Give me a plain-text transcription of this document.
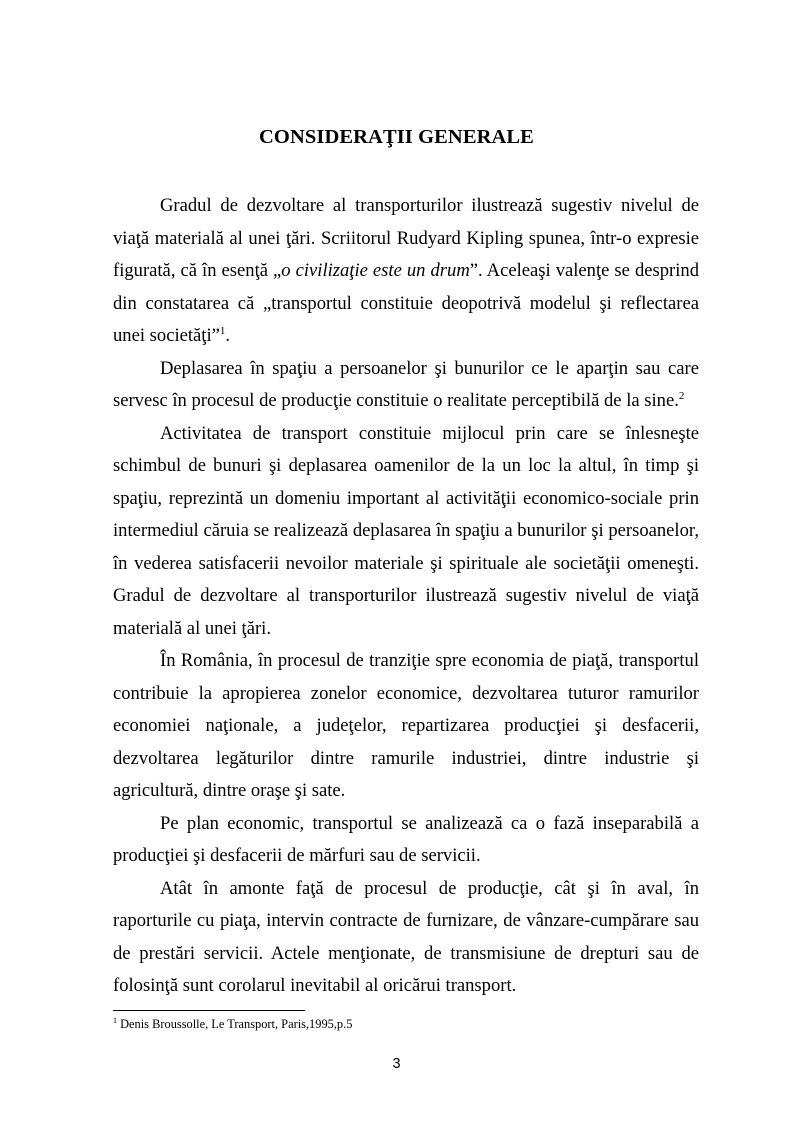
CONSIDERAŢII GENERALE

Gradul de dezvoltare al transporturilor ilustrează sugestiv nivelul de viaţă materială al unei ţări. Scriitorul Rudyard Kipling spunea, într-o expresie figurată, că în esenţă „o civilizaţie este un drum”. Aceleaşi valenţe se desprind din constatarea că „transportul constituie deopotrivă modelul şi reflectarea unei societăţi”$^1$.

Deplasarea în spaţiu a persoanelor şi bunurilor ce le aparţin sau care servesc în procesul de producţie constituie o realitate perceptibilă de la sine.$^2$

Activitatea de transport constituie mijlocul prin care se înlesneşte schimbul de bunuri şi deplasarea oamenilor de la un loc la altul, în timp şi spaţiu, reprezintă un domeniu important al activităţii economico-sociale prin intermediul căruia se realizează deplasarea în spaţiu a bunurilor şi persoanelor, în vederea satisfacerii nevoilor materiale şi spirituale ale societăţii omeneşti. Gradul de dezvoltare al transporturilor ilustrează sugestiv nivelul de viaţă materială al unei ţări.

În România, în procesul de tranziţie spre economia de piaţă, transportul contribuie la apropierea zonelor economice, dezvoltarea tuturor ramurilor economiei naţionale, a judeţelor, repartizarea producţiei şi desfacerii, dezvoltarea legăturilor dintre ramurile industriei, dintre industrie şi agricultură, dintre oraşe şi sate.

Pe plan economic, transportul se analizează ca o fază inseparabilă a producţiei şi desfacerii de mărfuri sau de servicii.

Atât în amonte faţă de procesul de producţie, cât şi în aval, în raporturile cu piaţa, intervin contracte de furnizare, de vânzare-cumpărare sau de prestări servicii. Actele menţionate, de transmisiune de drepturi sau de folosinţă sunt corolarul inevitabil al oricărui transport.

$^1$ Denis Broussolle, Le Transport, Paris,1995,p.5
3
